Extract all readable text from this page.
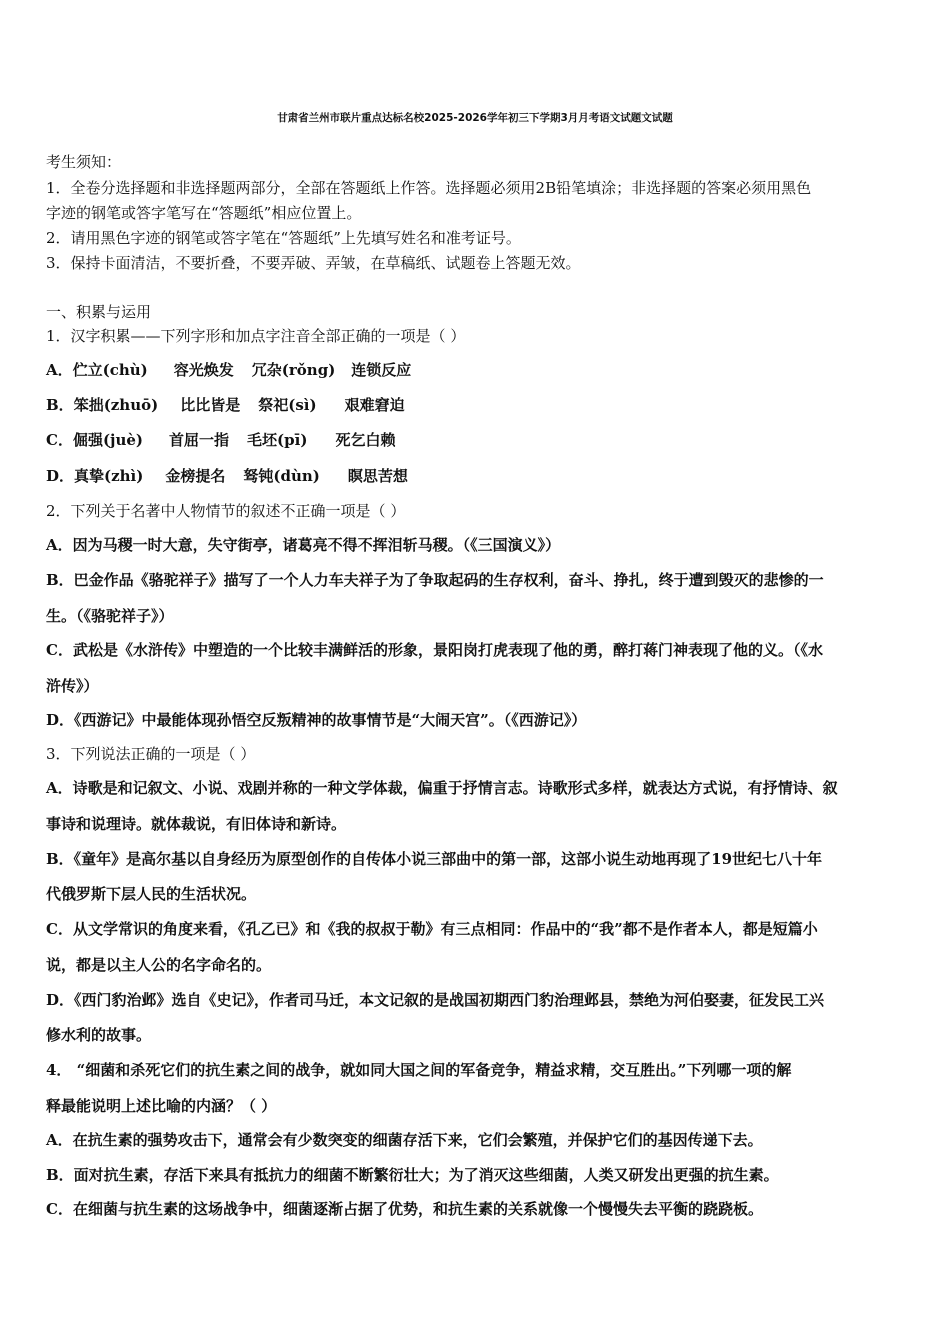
甘肃省兰州市联片重点达标名校2025-2026学年初三下学期3月月考语文试题文试题
考生须知：
1．全卷分选择题和非选择题两部分，全部在答题纸上作答。选择题必须用2B铅笔填涂；非选择题的答案必须用黑色
字迹的钢笔或答字笔写在“答题纸”相应位置上。
2．请用黑色字迹的钢笔或答字笔在“答题纸”上先填写姓名和准考证号。
3．保持卡面清洁，不要折叠，不要弄破、弄皱，在草稿纸、试题卷上答题无效。
一、积累与运用
1．汉字积累——下列字形和加点字注音全部正确的一项是（ ）
A．伫立(chù) 容光焕发 冗杂(rǒng) 连锁反应
B．笨拙(zhuō) 比比皆是 祭祀(sì) 艰难窘迫
C．倔强(juè) 首屈一指 毛坯(pī) 死乞白赖
D．真挚(zhì) 金榜提名 驽钝(dùn) 瞑思苦想
2．下列关于名著中人物情节的叙述不正确一项是（ ）
A．因为马稷一时大意，失守街亭，诸葛亮不得不挥泪斩马稷。（《三国演义》）
B．巴金作品《骆驼祥子》描写了一个人力车夫祥子为了争取起码的生存权利，奋斗、挣扎，终于遭到毁灭的悲惨的一
生。（《骆驼祥子》）
C．武松是《水浒传》中塑造的一个比较丰满鲜活的形象，景阳岗打虎表现了他的勇，醉打蒋门神表现了他的义。（《水
浒传》）
D．《西游记》中最能体现孙悟空反叛精神的故事情节是“大闹天宫”。（《西游记》）
3．下列说法正确的一项是（ ）
A．诗歌是和记叙文、小说、戏剧并称的一种文学体裁，偏重于抒情言志。诗歌形式多样，就表达方式说，有抒情诗、叙
事诗和说理诗。就体裁说，有旧体诗和新诗。
B．《童年》是高尔基以自身经历为原型创作的自传体小说三部曲中的第一部，这部小说生动地再现了19世纪七八十年
代俄罗斯下层人民的生活状况。
C．从文学常识的角度来看，《孔乙已》和《我的叔叔于勒》有三点相同：作品中的“我”都不是作者本人，都是短篇小
说，都是以主人公的名字命名的。
D．《西门豹治邺》选自《史记》，作者司马迁，本文记叙的是战国初期西门豹治理邺县，禁绝为河伯娶妻，征发民工兴
修水利的故事。
4． “细菌和杀死它们的抗生素之间的战争，就如同大国之间的军备竞争，精益求精，交互胜出。”下列哪一项的解
释最能说明上述比喻的内涵？（ ）
A．在抗生素的强势攻击下，通常会有少数突变的细菌存活下来，它们会繁殖，并保护它们的基因传递下去。
B．面对抗生素，存活下来具有抵抗力的细菌不断繁衍壮大；为了消灭这些细菌，人类又研发出更强的抗生素。
C．在细菌与抗生素的这场战争中，细菌逐渐占据了优势，和抗生素的关系就像一个慢慢失去平衡的跷跷板。
